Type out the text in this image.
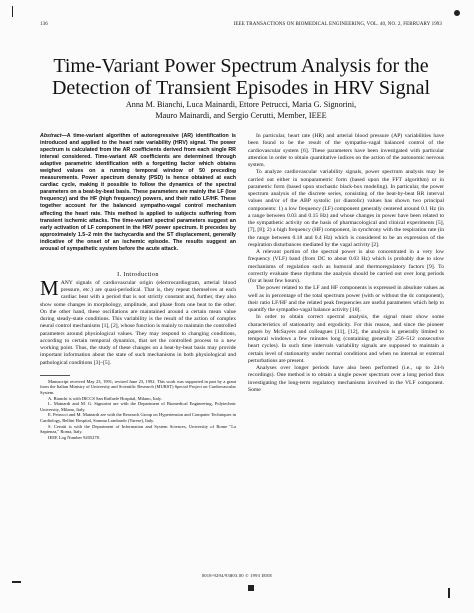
136	IEEE TRANSACTIONS ON BIOMEDICAL ENGINEERING, VOL. 40, NO. 2, FEBRUARY 1993
Time-Variant Power Spectrum Analysis for the
Detection of Transient Episodes in HRV Signal
Anna M. Bianchi, Luca Mainardi, Ettore Petrucci, Maria G. Signorini,
Mauro Mainardi, and Sergio Cerutti, Member, IEEE

Abstract—A time-variant algorithm of autoregressive (AR) identification is introduced and applied to the heart rate variability (HRV) signal. The power spectrum is calculated from the AR coefficients derived from each single RR interval considered. Time-variant AR coefficients are determined through adaptive parametric identification with a forgetting factor which obtains weighed values on a running temporal window of 50 preceding measurements. Power spectrum density (PSD) is hence obtained at each cardiac cycle, making it possible to follow the dynamics of the spectral parameters on a beat-by-beat basis. These parameters are mainly the LF (low frequency) and the HF (high frequency) powers, and their ratio LF/HF. These together account for the balanced sympatho-vagal control mechanism affecting the heart rate. This method is applied to subjects suffering from transient ischemic attacks. The time-variant spectral parameters suggest an early activation of LF component in the HRV power spectrum. It precedes by approximately 1.5–2 min the tachycardia and the ST displacement, generally indicative of the onset of an ischemic episode. The results suggest an arousal of sympathetic system before the acute attack.

I. Introduction

MANY signals of cardiovascular origin (electrocardiogram, arterial blood pressure, etc.) are quasi-periodical. That is, they repeat themselves at each cardiac beat with a period that is not strictly constant and, further, they also show some changes in morphology, amplitude, and phase from one beat to the other. On the other hand, these oscillations are maintained around a certain mean value during steady-state conditions. This variability is the result of the action of complex neural control mechanisms [1], [2], whose function is mainly to maintain the controlled parameters around physiological values. They may respond to changing conditions, according to certain temporal dynamics, that set the controlled process to a new working point. Thus, the study of these changes on a beat-by-beat basis may provide important information about the state of such mechanisms in both physiological and pathological conditions [3]–[5].

Manuscript received May 23, 1991; revised June 23, 1992. This work was supported in part by a grant from the Italian Ministry of University and Scientific Research (MURST) Special Project on Cardiovascular System.

A. Bianchi is with IRCCS San Raffaele Hospital, Milano, Italy.

L. Mainardi and M. G. Signorini are with the Department of Biomedical Engineering, Polytechnic University, Milano, Italy.

E. Petrucci and M. Mainardi are with the Research Group on Hypertension and Computer Techniques in Cardiology, Bellini Hospital, Somma Lombardo (Varese), Italy.

S. Cerutti is with the Department of Information and System Sciences, University of Rome "La Sapienza," Roma, Italy.

IEEE Log Number 9205278.

In particular, heart rate (HR) and arterial blood pressure (AP) variabilities have been found to be the result of the sympatho-vagal balanced control of the cardiovascular system [6]. These parameters have been investigated with particular attention in order to obtain quantitative indices on the action of the autonomic nervous system.

To analyze cardiovascular variability signals, power spectrum analysis may be carried out either in nonparametric form (based upon the FFT algorithm) or in parametric form (based upon stochastic black-box modeling). In particular, the power spectrum analysis of the discrete series, consisting of the beat-by-beat RR interval values and/or of the ABP systolic (or diastolic) values has shown two principal components: 1) a low frequency (LF) component generally centered around 0.1 Hz (in a range between 0.03 and 0.15 Hz) and whose changes in power have been related to the sympathetic activity on the basis of pharmacological and clinical experiments [5], [7], [8]; 2) a high frequency (HF) component, in synchrony with the respiration rate (in the range between 0.18 and 0.4 Hz) which is considered to be an expression of the respiration disturbances mediated by the vagal activity [2].

A relevant portion of the spectral power is also concentrated in a very low frequency (VLF) band (from DC to about 0.03 Hz) which is probably due to slow mechanisms of regulation such as humoral and thermoregulatory factors [9]. To correctly evaluate these rhythms the analysis should be carried out over long periods (for at least few hours).

The power related to the LF and HF components is expressed in absolute values as well as in percentage of the total spectrum power (with or without the dc component), their ratio LF/HF and the related peak frequencies are useful parameters which help to quantify the sympatho-vagal balance activity [10].

In order to obtain correct spectral analysis, the signal must show some characteristics of stationarity and ergodicity. For this reason, and since the pioneer papers by McSayers and colleagues [11], [12], the analysis is generally limited to temporal windows a few minutes long (containing generally 256–512 consecutive heart cycles). In such time intervals variability signals are supposed to maintain a certain level of stationarity under normal conditions and when no internal or external perturbations are present.

Analyses over longer periods have also been performed (i.e., up to 24-h recordings). One method is to obtain a single power spectrum over a long period thus investigating the long-term regulatory mechanisms involved in the VLF component. Some

0018-9294/93$03.00 © 1993 IEEE
